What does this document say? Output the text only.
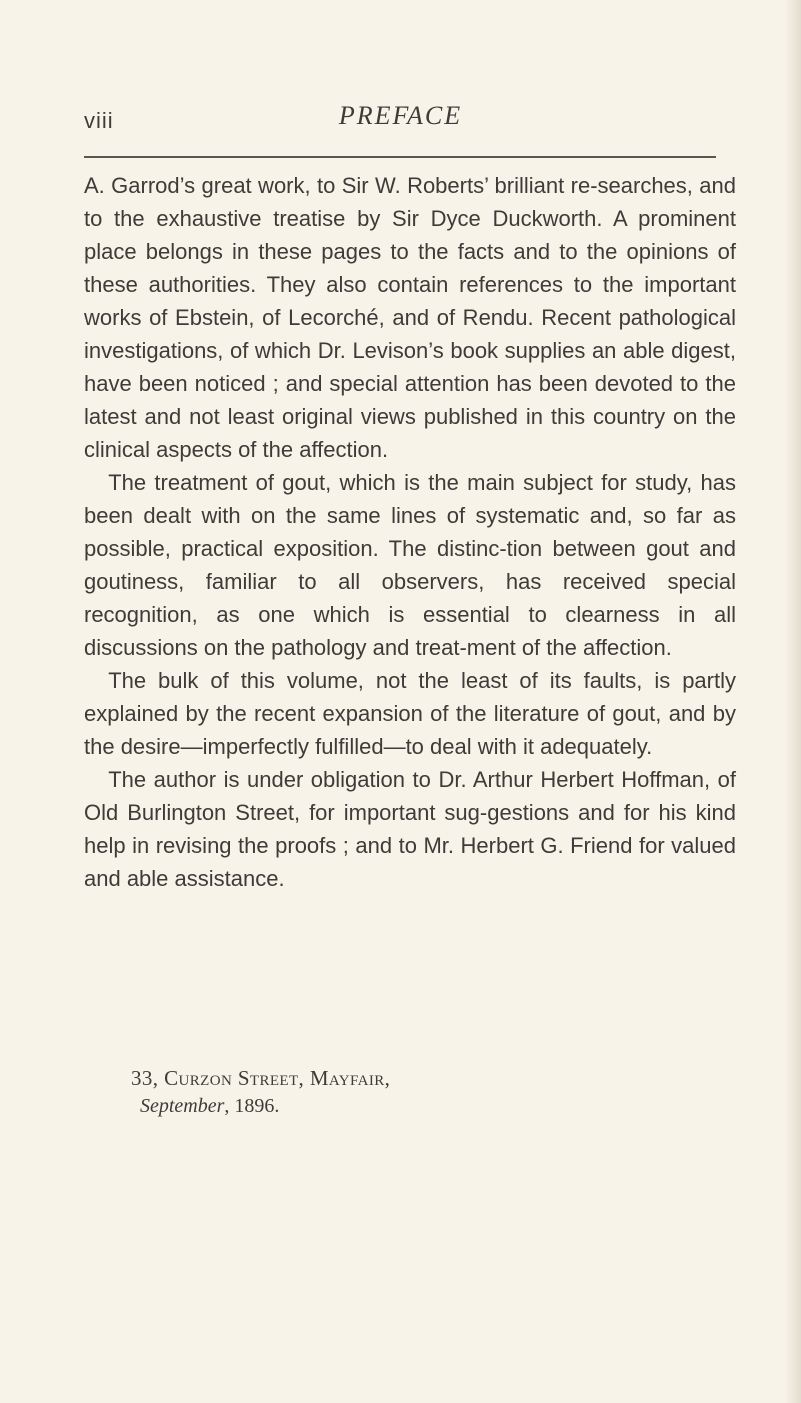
viii	PREFACE

A. Garrod’s great work, to Sir W. Roberts’ brilliant re-searches, and to the exhaustive treatise by Sir Dyce Duckworth. A prominent place belongs in these pages to the facts and to the opinions of these authorities. They also contain references to the important works of Ebstein, of Lecorché, and of Rendu. Recent pathological investigations, of which Dr. Levison’s book supplies an able digest, have been noticed ; and special attention has been devoted to the latest and not least original views published in this country on the clinical aspects of the affection.

The treatment of gout, which is the main subject for study, has been dealt with on the same lines of systematic and, so far as possible, practical exposition. The distinc-tion between gout and goutiness, familiar to all observers, has received special recognition, as one which is essential to clearness in all discussions on the pathology and treat-ment of the affection.

The bulk of this volume, not the least of its faults, is partly explained by the recent expansion of the literature of gout, and by the desire—imperfectly fulfilled—to deal with it adequately.

The author is under obligation to Dr. Arthur Herbert Hoffman, of Old Burlington Street, for important sug-gestions and for his kind help in revising the proofs ; and to Mr. Herbert G. Friend for valued and able assistance.

33, Curzon Street, Mayfair,
September, 1896.
